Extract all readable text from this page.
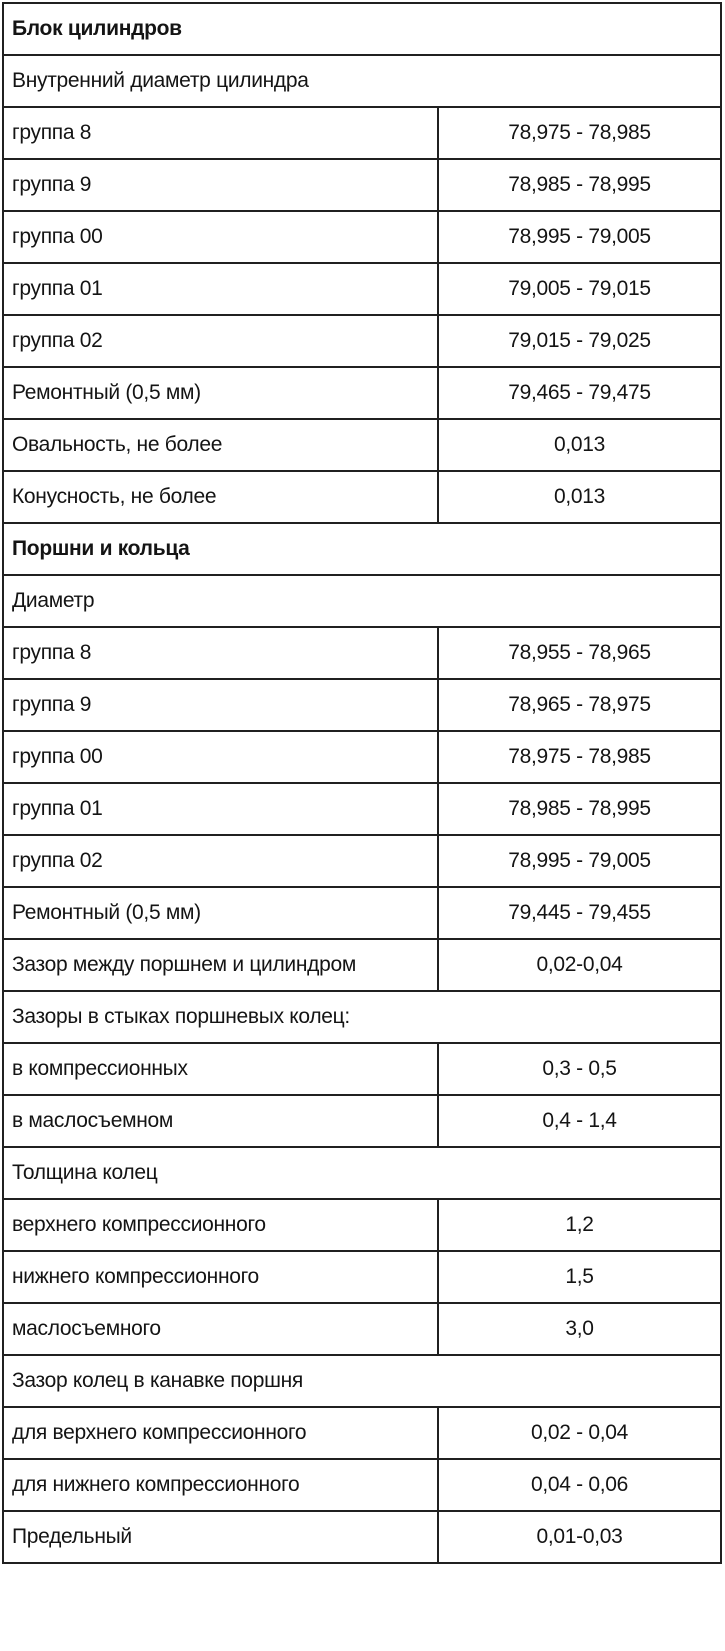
Блок цилиндров	
Внутренний диаметр цилиндра	
группа 8	78,975 - 78,985
группа 9	78,985 - 78,995
группа 00	78,995 - 79,005
группа 01	79,005 - 79,015
группа 02	79,015 - 79,025
Ремонтный (0,5 мм)	79,465 - 79,475
Овальность, не более	0,013
Конусность, не более	0,013
Поршни и кольца	
Диаметр	
группа 8	78,955 - 78,965
группа 9	78,965 - 78,975
группа 00	78,975 - 78,985
группа 01	78,985 - 78,995
группа 02	78,995 - 79,005
Ремонтный (0,5 мм)	79,445 - 79,455
Зазор между поршнем и цилиндром	0,02-0,04
Зазоры в стыках поршневых колец:	
в компрессионных	0,3 - 0,5
в маслосъемном	0,4 - 1,4
Толщина колец	
верхнего компрессионного	1,2
нижнего компрессионного	1,5
маслосъемного	3,0
Зазор колец в канавке поршня	
для верхнего компрессионного	0,02 - 0,04
для нижнего компрессионного	0,04 - 0,06
Предельный	0,01-0,03
